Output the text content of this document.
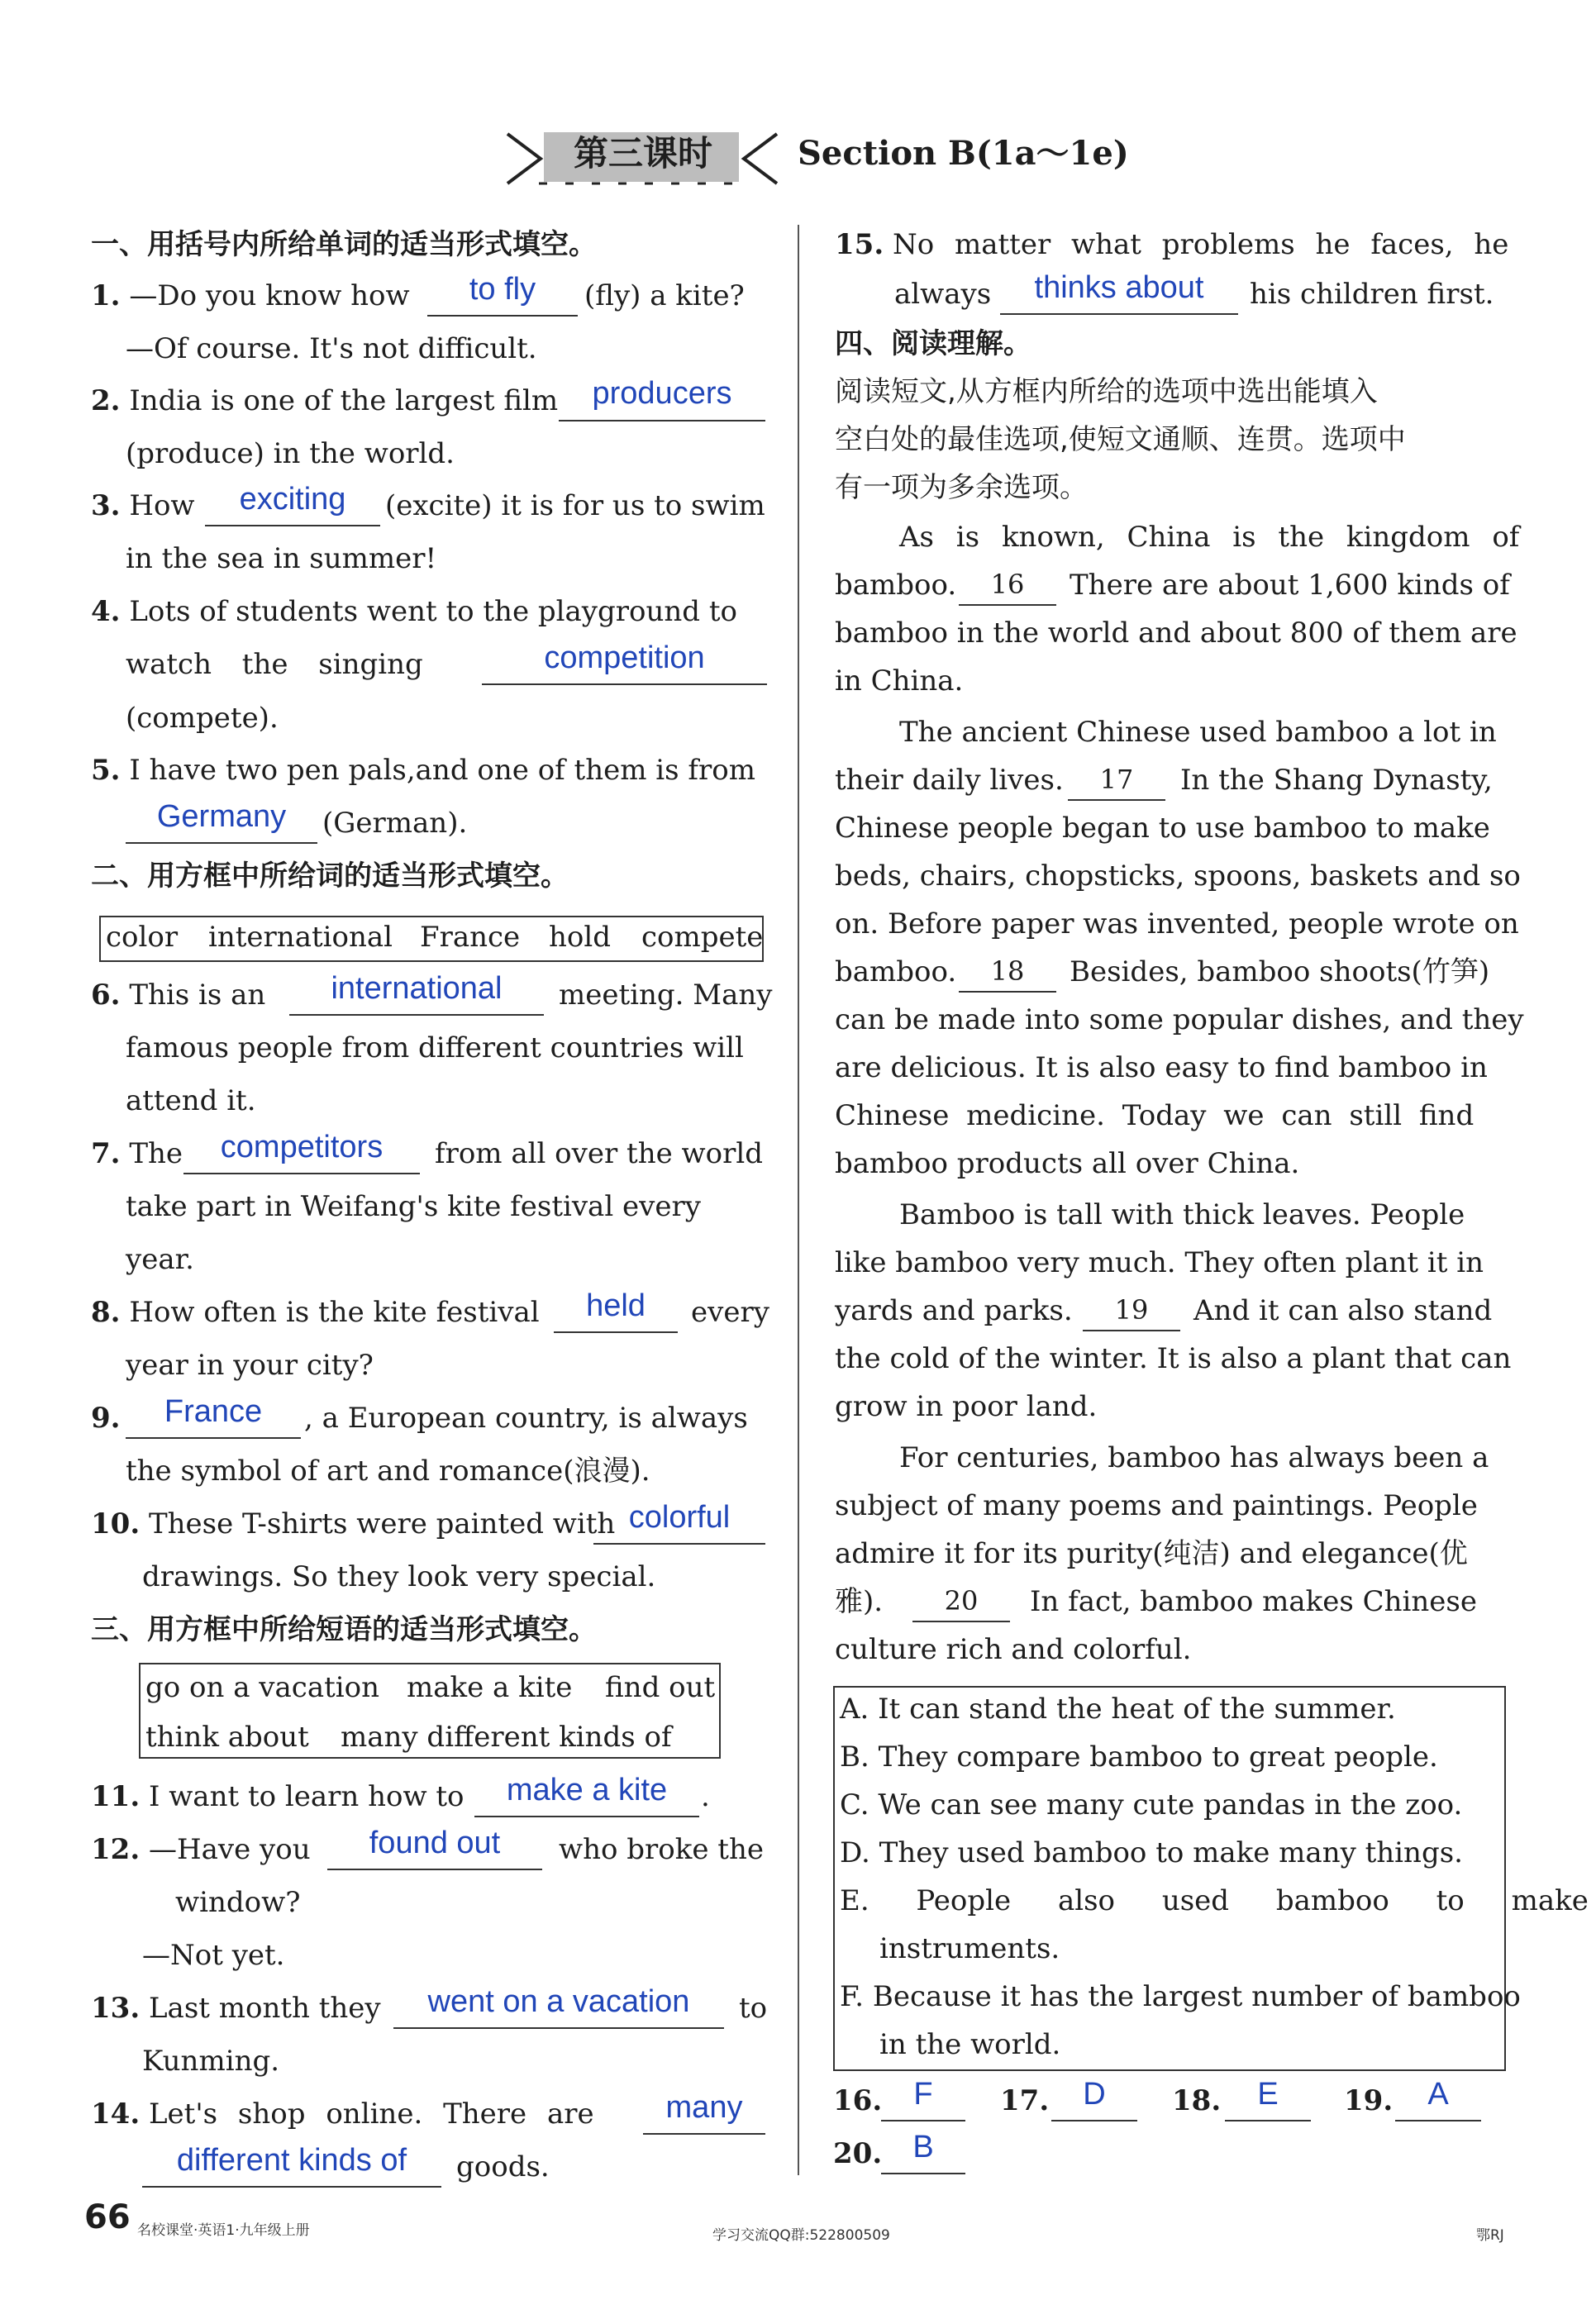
第三课时	Section B(1a～1e)
一、用括号内所给单词的适当形式填空。
1. —Do you know how	to fly	(fly) a kite?
—Of course. It's not difficult.
2. India is one of the largest film	producers
(produce) in the world.
3. How	exciting	(excite) it is for us to swim
in the sea in summer!
4. Lots of students went to the playground to
watch the singing	competition
(compete).
5. I have two pen pals,and one of them is from
Germany	(German).
二、用方框中所给词的适当形式填空。
color international France hold compete
6. This is an	international	meeting. Many
famous people from different countries will
attend it.
7. The	competitors	from all over the world
take part in Weifang's kite festival every
year.
8. How often is the kite festival	held	every
year in your city?
9.	France	, a European country, is always
the symbol of art and romance(浪漫).
10. These T-shirts were painted with colorful
drawings. So they look very special.
三、用方框中所给短语的适当形式填空。
go on a vacation make a kite find out
think about many different kinds of
11. I want to learn how to	make a kite	.
12. —Have you	found out	who broke the
window?
—Not yet.
13. Last month they	went on a vacation	to
Kunming.
14. Let's shop online. There are	many
different kinds of	goods.
15. No matter what problems he faces, he
always	thinks about	his children first.
四、阅读理解。
阅读短文,从方框内所给的选项中选出能填入
空白处的最佳选项,使短文通顺、连贯。选项中
有一项为多余选项。
As is known, China is the kingdom of
bamboo.	16	There are about 1,600 kinds of
bamboo in the world and about 800 of them are
in China.
The ancient Chinese used bamboo a lot in
their daily lives.	17	In the Shang Dynasty,
Chinese people began to use bamboo to make
beds, chairs, chopsticks, spoons, baskets and so
on. Before paper was invented, people wrote on
bamboo.	18	Besides, bamboo shoots(竹笋)
can be made into some popular dishes, and they
are delicious. It is also easy to find bamboo in
Chinese medicine. Today we can still find
bamboo products all over China.
Bamboo is tall with thick leaves. People
like bamboo very much. They often plant it in
yards and parks.	19	And it can also stand
the cold of the winter. It is also a plant that can
grow in poor land.
For centuries, bamboo has always been a
subject of many poems and paintings. People
admire it for its purity(纯洁) and elegance(优
雅).	20	In fact, bamboo makes Chinese
culture rich and colorful.
A. It can stand the heat of the summer.
B. They compare bamboo to great people.
C. We can see many cute pandas in the zoo.
D. They used bamboo to make many things.
E. People also used bamboo to make
instruments.
F. Because it has the largest number of bamboo
in the world.
16.	F	17.	D	18.	E	19.	A
20. B
66 名校课堂·英语1·九年级上册	学习交流QQ群:522800509	鄂RJ
